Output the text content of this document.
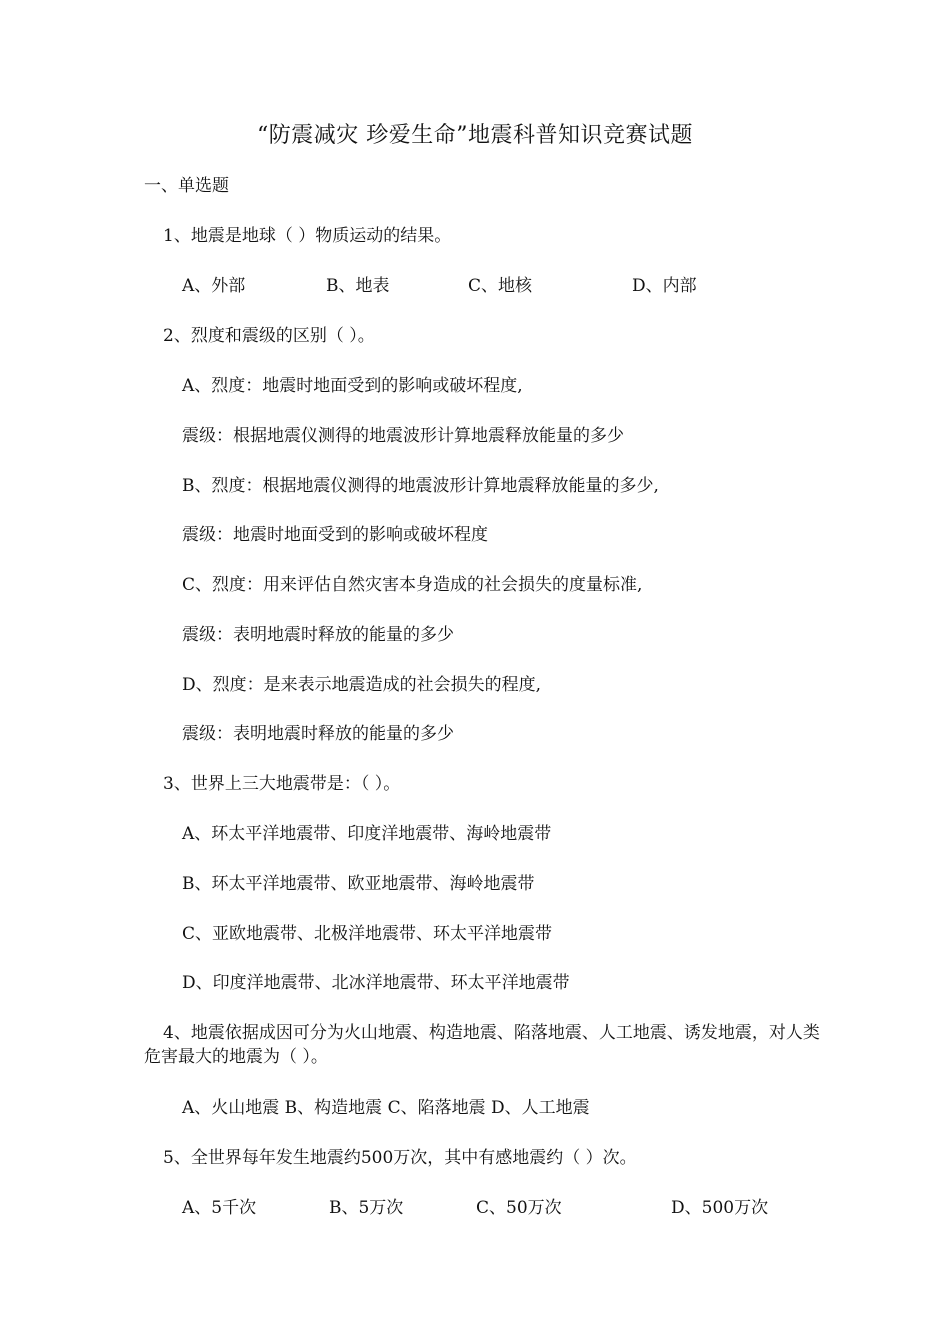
“防震减灾 珍爱生命”地震科普知识竞赛试题
一、单选题
1、地震是地球（ ）物质运动的结果。
A、外部	B、地表	C、地核	D、内部
2、烈度和震级的区别（ ）。
A、烈度：地震时地面受到的影响或破坏程度,
震级：根据地震仪测得的地震波形计算地震释放能量的多少
B、烈度：根据地震仪测得的地震波形计算地震释放能量的多少,
震级：地震时地面受到的影响或破坏程度
C、烈度：用来评估自然灾害本身造成的社会损失的度量标准,
震级：表明地震时释放的能量的多少
D、烈度：是来表示地震造成的社会损失的程度,
震级：表明地震时释放的能量的多少
3、世界上三大地震带是：（ ）。
A、环太平洋地震带、印度洋地震带、海岭地震带
B、环太平洋地震带、欧亚地震带、海岭地震带
C、亚欧地震带、北极洋地震带、环太平洋地震带
D、印度洋地震带、北冰洋地震带、环太平洋地震带
4、地震依据成因可分为火山地震、构造地震、陷落地震、人工地震、诱发地震，对人类危害最大的地震为（ ）。
A、火山地震 B、构造地震 C、陷落地震 D、人工地震
5、全世界每年发生地震约500万次，其中有感地震约（ ）次。
A、5千次	B、5万次	C、50万次	D、500万次
